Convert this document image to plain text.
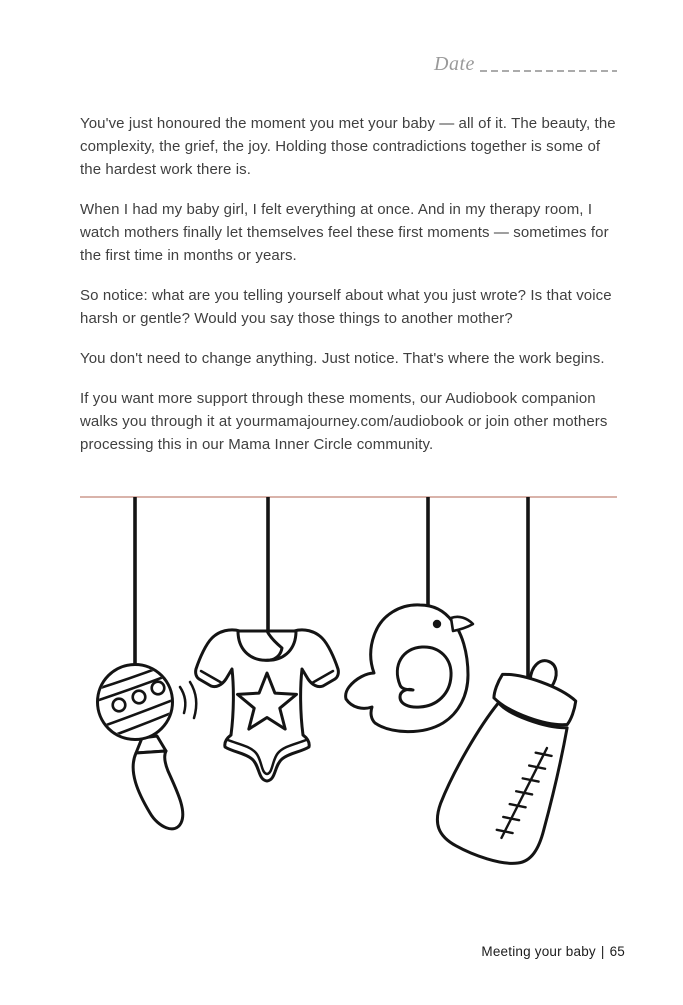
Date

You've just honoured the moment you met your baby — all of it. The beauty, the complexity, the grief, the joy. Holding those contradictions together is some of the hardest work there is.

When I had my baby girl, I felt everything at once. And in my therapy room, I watch mothers finally let themselves feel these first moments — sometimes for the first time in months or years.

So notice: what are you telling yourself about what you just wrote? Is that voice harsh or gentle? Would you say those things to another mother?

You don't need to change anything. Just notice. That's where the work begins.

If you want more support through these moments, our Audiobook companion walks you through it at yourmamajourney.com/audiobook or join other mothers processing this in our Mama Inner Circle community.

Meeting your baby | 65
